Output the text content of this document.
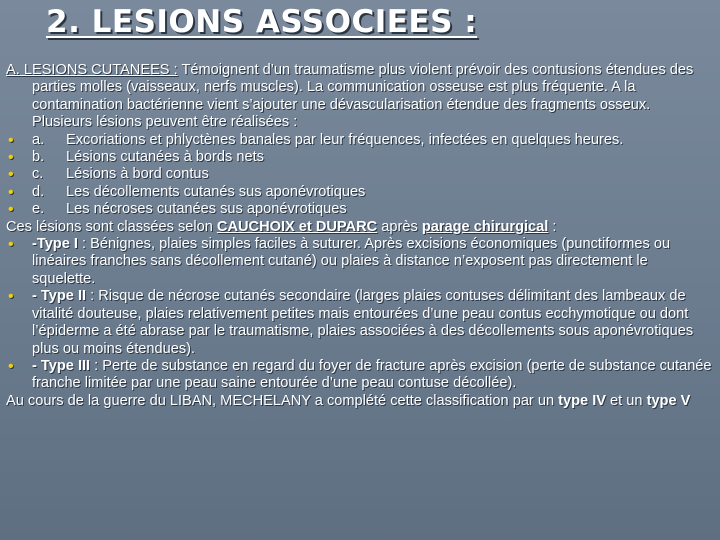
2. LESIONS ASSOCIEES :

A. LESIONS CUTANEES : Témoignent d’un traumatisme plus violent prévoir des contusions étendues des parties molles (vaisseaux, nerfs muscles). La communication osseuse est plus fréquente. A la contamination bactérienne vient s’ajouter une dévascularisation étendue des fragments osseux. Plusieurs lésions peuvent être réalisées :

• a. Excoriations et phlyctènes banales par leur fréquences, infectées en quelques heures.
• b. Lésions cutanées à bords nets
• c. Lésions à bord contus
• d. Les décollements cutanés sus aponévrotiques
• e. Les nécroses cutanées sus aponévrotiques

Ces lésions sont classées selon CAUCHOIX et DUPARC après parage chirurgical :

• -Type I : Bénignes, plaies simples faciles à suturer. Après excisions économiques (punctiformes ou linéaires franches sans décollement cutané) ou plaies à distance n’exposent pas directement le squelette.
• - Type II : Risque de nécrose cutanés secondaire (larges plaies contuses délimitant des lambeaux de vitalité douteuse, plaies relativement petites mais entourées d’une peau contus ecchymotique ou dont l’épiderme a été abrase par le traumatisme, plaies associées à des décollements sous aponévrotiques plus ou moins étendues).
• - Type III : Perte de substance en regard du foyer de fracture après excision (perte de substance cutanée franche limitée par une peau saine entourée d’une peau contuse décollée).

Au cours de la guerre du LIBAN, MECHELANY a complété cette classification par un type IV et un type V
